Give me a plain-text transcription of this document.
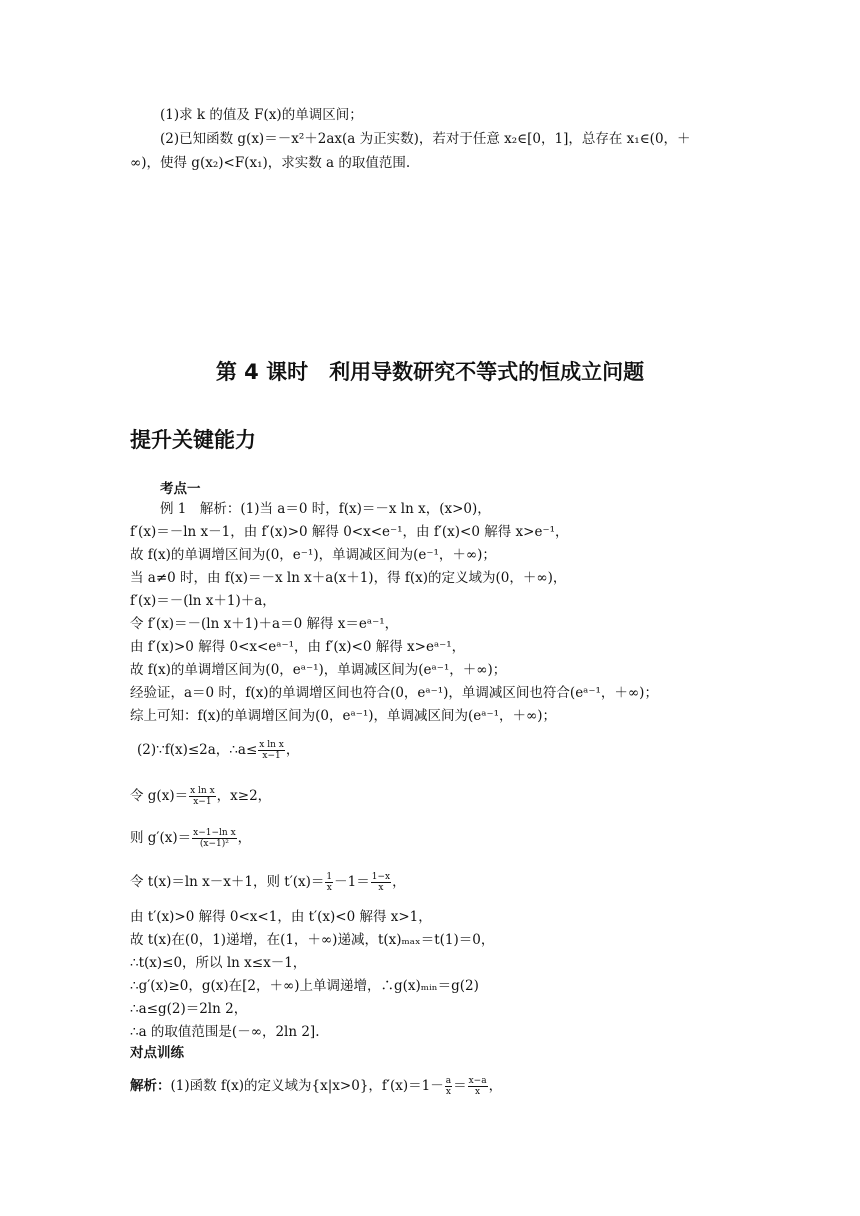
(1)求 k 的值及 F(x)的单调区间；
(2)已知函数 g(x)＝－x²＋2ax(a 为正实数)，若对于任意 x₂∈[0，1]，总存在 x₁∈(0，＋
∞)，使得 g(x₂)<F(x₁)，求实数 a 的取值范围.
第 4 课时　利用导数研究不等式的恒成立问题
提升关键能力
考点一
例 1　解析：(1)当 a＝0 时，f(x)＝－x ln x，(x>0)，
f′(x)＝－ln x－1，由 f′(x)>0 解得 0<x<e⁻¹，由 f′(x)<0 解得 x>e⁻¹，
故 f(x)的单调增区间为(0，e⁻¹)，单调减区间为(e⁻¹，＋∞)；
当 a≠0 时，由 f(x)＝－x ln x＋a(x＋1)，得 f(x)的定义域为(0，＋∞)，
f′(x)＝－(ln x＋1)＋a，
令 f′(x)＝－(ln x＋1)＋a＝0 解得 x＝eᵃ⁻¹，
由 f′(x)>0 解得 0<x<eᵃ⁻¹，由 f′(x)<0 解得 x>eᵃ⁻¹，
故 f(x)的单调增区间为(0，eᵃ⁻¹)，单调减区间为(eᵃ⁻¹，＋∞)；
经验证，a＝0 时，f(x)的单调增区间也符合(0，eᵃ⁻¹)，单调减区间也符合(eᵃ⁻¹，＋∞)；
综上可知：f(x)的单调增区间为(0，eᵃ⁻¹)，单调减区间为(eᵃ⁻¹，＋∞)；
(2)∵f(x)≤2a，∴a≤ $\frac{\text{x ln x}}{x-1}$ ，
令 $g(x)= \frac{\text{x ln x}}{x-1}$ ，x≥2，
则 $g'(x)= \frac{\text{x−1−ln x}}{\text{(x−1)²}}$ ，
令 t(x)＝ln x－x＋1，则 $t'(x)= \frac{1}{x} -1= \frac{1-x}{x}$ ，
由 t′(x)>0 解得 0<x<1，由 t′(x)<0 解得 x>1，
故 t(x)在(0，1)递增，在(1，＋∞)递减，t(x)ₘₐₓ＝t(1)＝0，
∴t(x)≤0，所以 ln x≤x－1，
∴g′(x)≥0，g(x)在[2，＋∞)上单调递增，∴g(x)ₘᵢₙ＝g(2)
∴a≤g(2)＝2ln 2，
∴a 的取值范围是(－∞，2ln 2].
对点训练
解析：(1)函数 f(x)的定义域为{x|x>0}，$f'(x)=1- \frac{a}{x} = \frac{x-a}{x}$ ，
